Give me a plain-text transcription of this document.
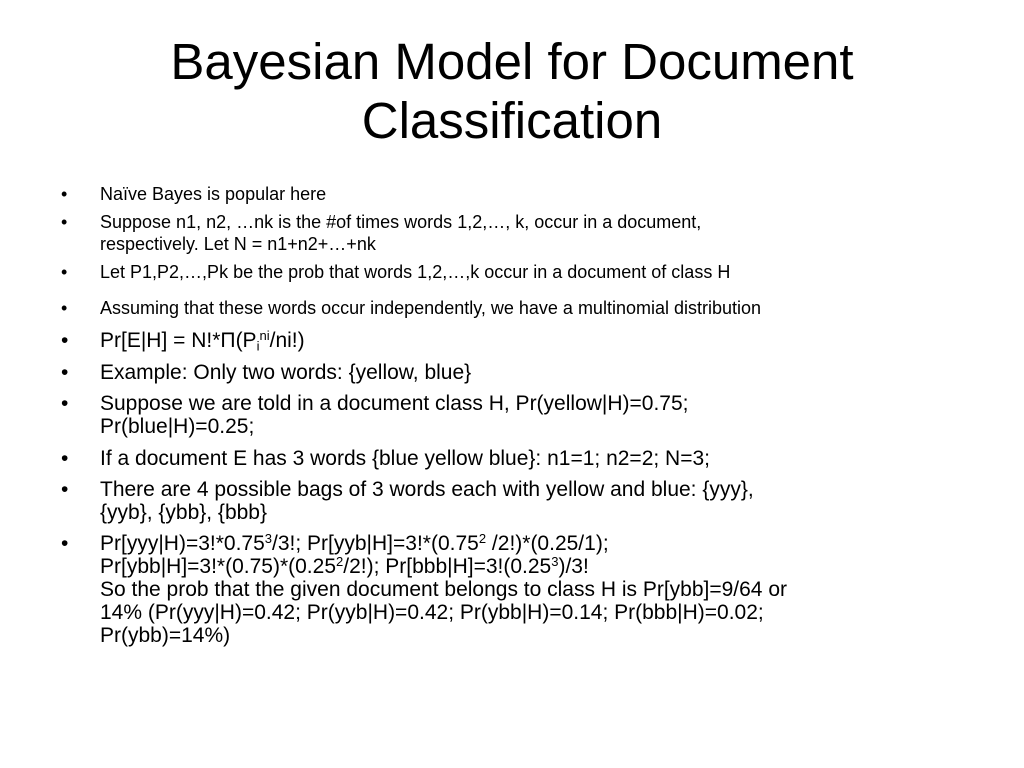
Bayesian Model for Document
Classification
• Naïve Bayes is popular here
• Suppose n1, n2, …nk is the #of times words 1,2,…, k, occur in a document,
respectively. Let N = n1+n2+…+nk
• Let P1,P2,…,Pk be the prob that words 1,2,…,k occur in a document of class H
• Assuming that these words occur independently, we have a multinomial distribution
• $Pr[E|H] = N!*\Pi(P_i^{ni}/ni!)$
• Example: Only two words: {yellow, blue}
• Suppose we are told in a document class H, Pr(yellow|H)=0.75;
Pr(blue|H)=0.25;
• If a document E has 3 words {blue yellow blue}: n1=1; n2=2; N=3;
• There are 4 possible bags of 3 words each with yellow and blue: {yyy},
{yyb}, {ybb}, {bbb}
• $Pr[yyy|H)=3!*0.75^3/3$!; $Pr[yyb|H]=3!*(0.75^2$ /2!)*(0.25/1);
$Pr[ybb|H]=3!*(0.75)*(0.25^2/2!)$; $Pr[bbb|H]=3!(0.25^3)/3$!
So the prob that the given document belongs to class H is Pr[ybb]=9/64 or
14% (Pr(yyy|H)=0.42; Pr(yyb|H)=0.42; Pr(ybb|H)=0.14; Pr(bbb|H)=0.02;
Pr(ybb)=14%)
